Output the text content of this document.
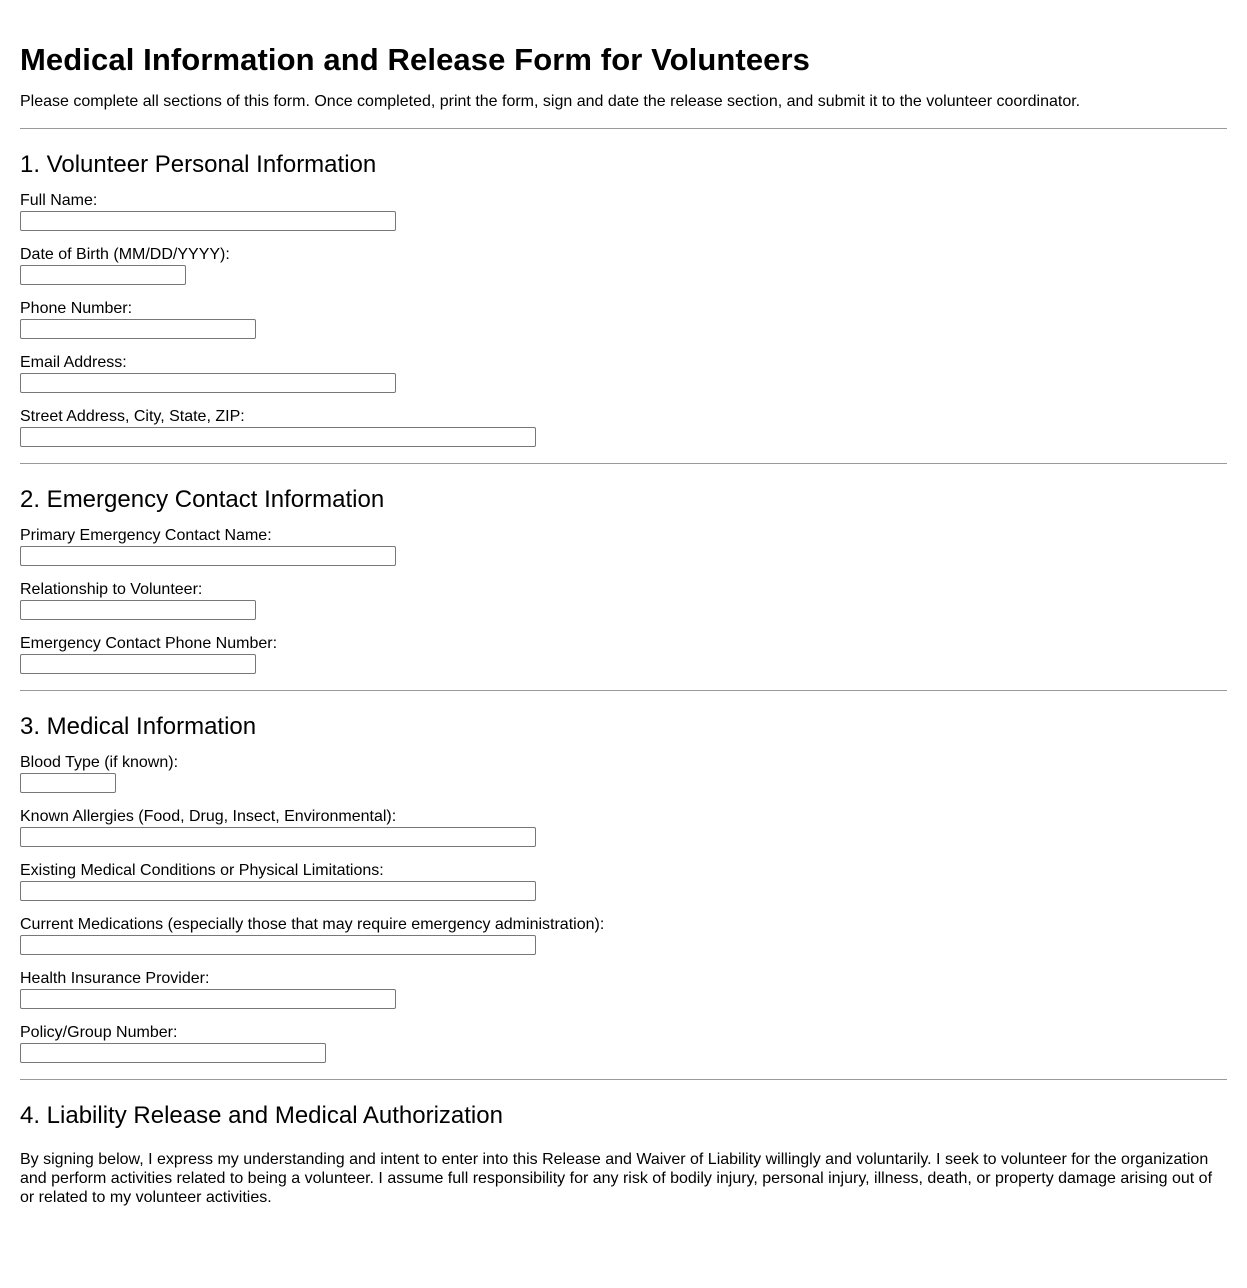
Medical Information and Release Form for Volunteers

Please complete all sections of this form. Once completed, print the form, sign and date the release section, and submit it to the volunteer coordinator.

1. Volunteer Personal Information
Full Name:
Date of Birth (MM/DD/YYYY):
Phone Number:
Email Address:
Street Address, City, State, ZIP:
2. Emergency Contact Information
Primary Emergency Contact Name:
Relationship to Volunteer:
Emergency Contact Phone Number:
3. Medical Information
Blood Type (if known):
Known Allergies (Food, Drug, Insect, Environmental):
Existing Medical Conditions or Physical Limitations:
Current Medications (especially those that may require emergency administration):
Health Insurance Provider:
Policy/Group Number:
4. Liability Release and Medical Authorization

By signing below, I express my understanding and intent to enter into this Release and Waiver of Liability willingly and voluntarily. I seek to volunteer for the organization and perform activities related to being a volunteer. I assume full responsibility for any risk of bodily injury, personal injury, illness, death, or property damage arising out of or related to my volunteer activities.
